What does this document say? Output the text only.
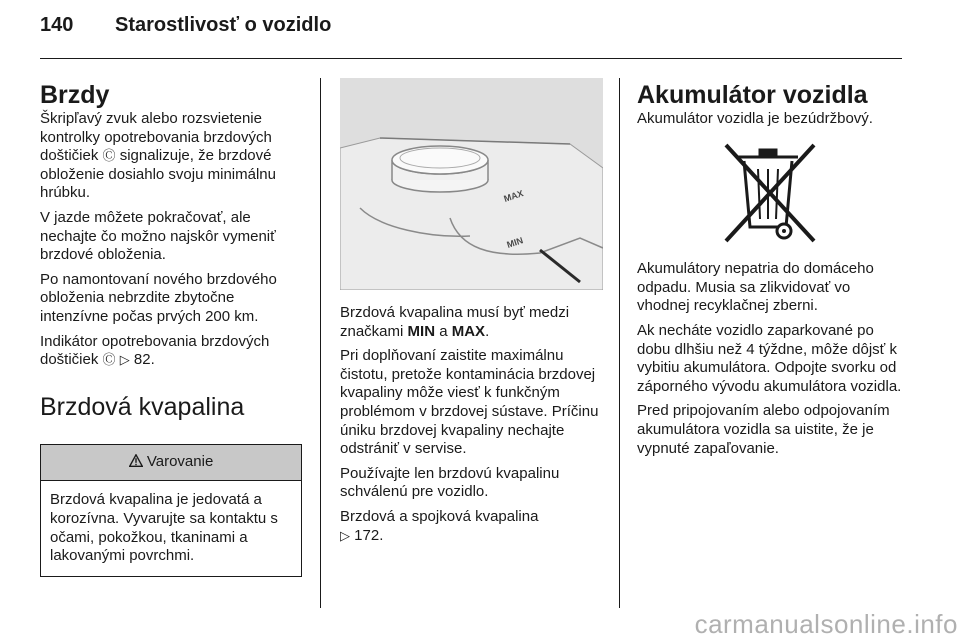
140 Starostlivosť o vozidlo
Brzdy

Škripľavý zvuk alebo rozsvietenie kontrolky opotrebovania brzdových doštičiek Ⓒ signalizuje, že brzdové obloženie dosiahlo svoju minimálnu hrúbku.

V jazde môžete pokračovať, ale nechajte čo možno najskôr vymeniť brzdové obloženia.

Po namontovaní nového brzdového obloženia nebrzdite zbytočne intenzívne počas prvých 200 km.

Indikátor opotrebovania brzdových doštičiek Ⓒ ▷ 82.

Brzdová kvapalina
Varovanie
Brzdová kvapalina je jedovatá a korozívna. Vyvarujte sa kontaktu s očami, pokožkou, tkaninami a lakovanými povrchmi.
MAX
MIN

Brzdová kvapalina musí byť medzi značkami MIN a MAX.

Pri doplňovaní zaistite maximálnu čistotu, pretože kontaminácia brzdovej kvapaliny môže viesť k funkčným problémom v brzdovej sústave. Príčinu úniku brzdovej kvapaliny nechajte odstrániť v servise.

Používajte len brzdovú kvapalinu schválenú pre vozidlo.

Brzdová a spojková kvapalina
▷ 172.

Akumulátor vozidla

Akumulátor vozidla je bezúdržbový.

Akumulátory nepatria do domáceho odpadu. Musia sa zlikvidovať vo vhodnej recyklačnej zberni.

Ak necháte vozidlo zaparkované po dobu dlhšiu než 4 týždne, môže dôjsť k vybitiu akumulátora. Odpojte svorku od záporného vývodu akumulátora vozidla.

Pred pripojovaním alebo odpojovaním akumulátora vozidla sa uistite, že je vypnuté zapaľovanie.

carmanualsonline.info
